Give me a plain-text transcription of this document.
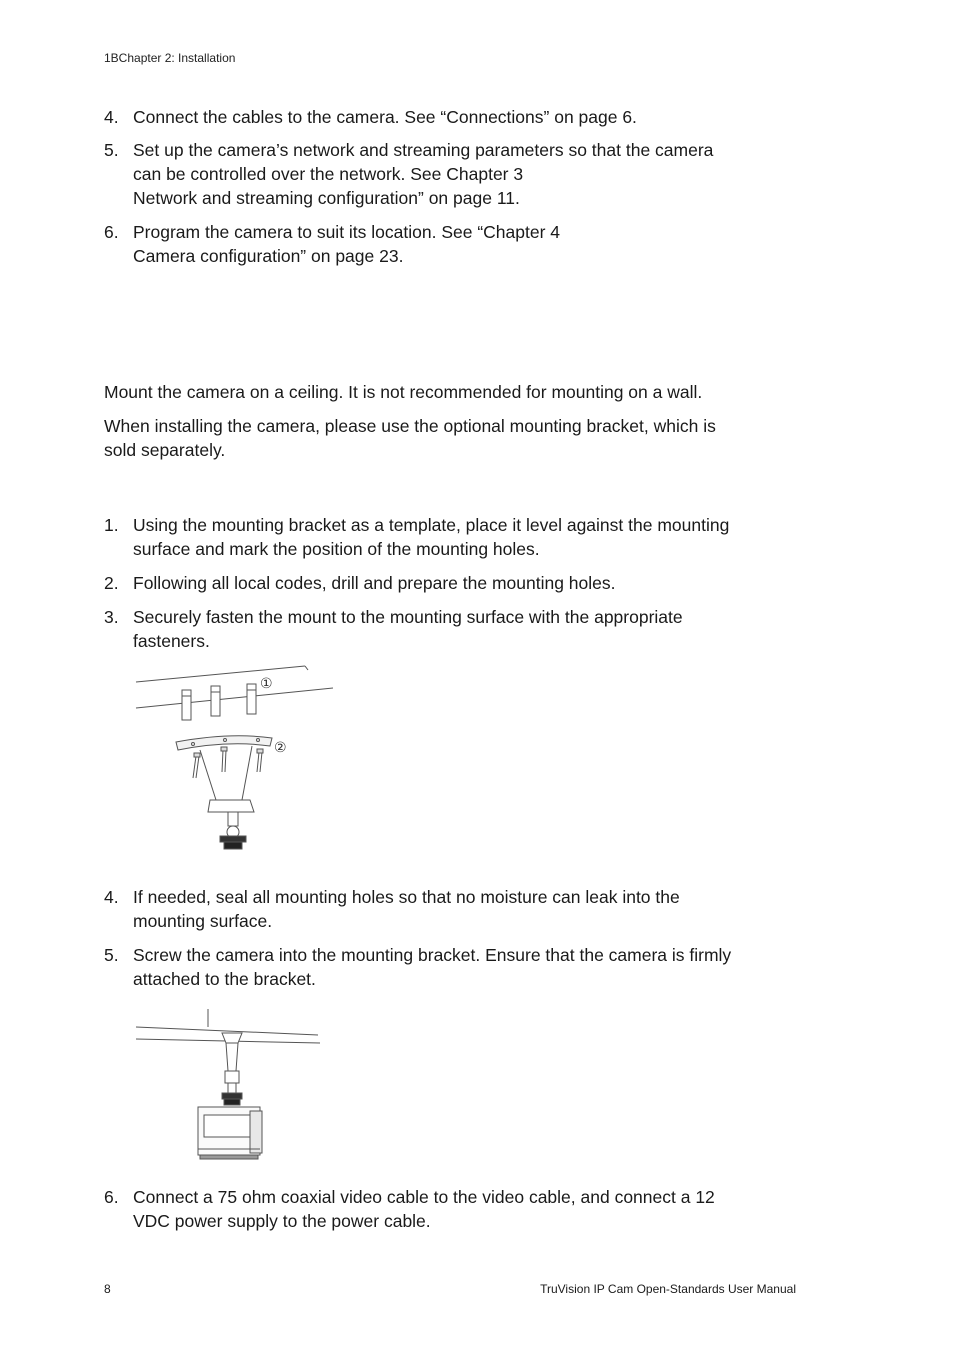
1BChapter 2: Installation
4. Connect the cables to the camera. See “Connections” on page 6.
5. Set up the camera’s network and streaming parameters so that the camera
can be controlled over the network. See Chapter 3
Network and streaming configuration” on page 11.
6. Program the camera to suit its location. See “Chapter 4
Camera configuration” on page 23.
Mount the camera on a ceiling. It is not recommended for mounting on a wall.
When installing the camera, please use the optional mounting bracket, which is
sold separately.
1. Using the mounting bracket as a template, place it level against the mounting
surface and mark the position of the mounting holes.
2. Following all local codes, drill and prepare the mounting holes.
3. Securely fasten the mount to the mounting surface with the appropriate
fasteners.
①
②
4. If needed, seal all mounting holes so that no moisture can leak into the
mounting surface.
5. Screw the camera into the mounting bracket. Ensure that the camera is firmly
attached to the bracket.
6. Connect a 75 ohm coaxial video cable to the video cable, and connect a 12
VDC power supply to the power cable.
8	TruVision IP Cam Open-Standards User Manual
